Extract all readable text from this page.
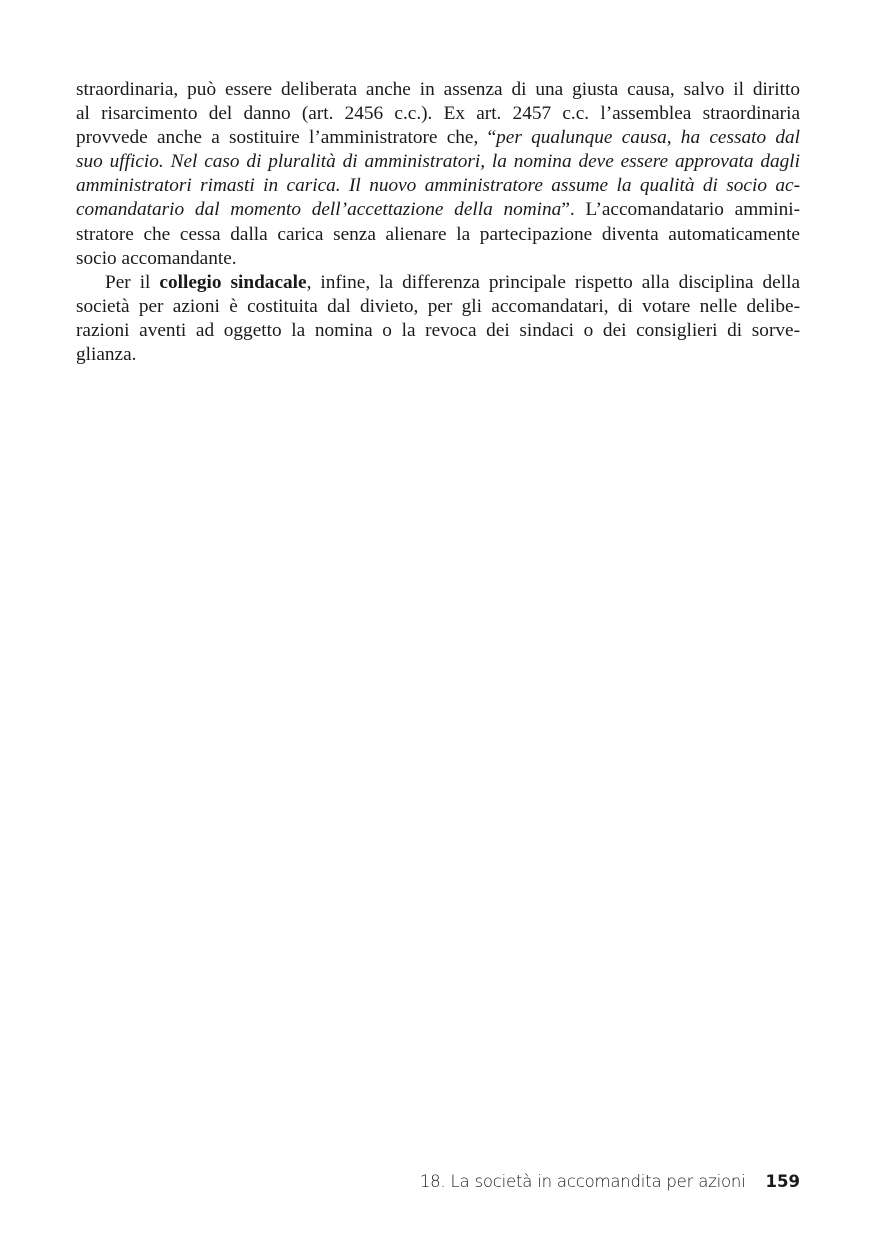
straordinaria, può essere deliberata anche in assenza di una giusta causa, salvo il diritto
al risarcimento del danno (art. 2456 c.c.). Ex art. 2457 c.c. l’assemblea straordinaria
provvede anche a sostituire l’amministratore che, “per qualunque causa, ha cessato dal
suo ufficio. Nel caso di pluralità di amministratori, la nomina deve essere approvata dagli
amministratori rimasti in carica. Il nuovo amministratore assume la qualità di socio ac-
comandatario dal momento dell’accettazione della nomina”. L’accomandatario ammini-
stratore che cessa dalla carica senza alienare la partecipazione diventa automaticamente
socio accomandante.

Per il collegio sindacale, infine, la differenza principale rispetto alla disciplina della
società per azioni è costituita dal divieto, per gli accomandatari, di votare nelle delibe-
razioni aventi ad oggetto la nomina o la revoca dei sindaci o dei consiglieri di sorve-
glianza.

18. La società in accomandita per azioni 159
